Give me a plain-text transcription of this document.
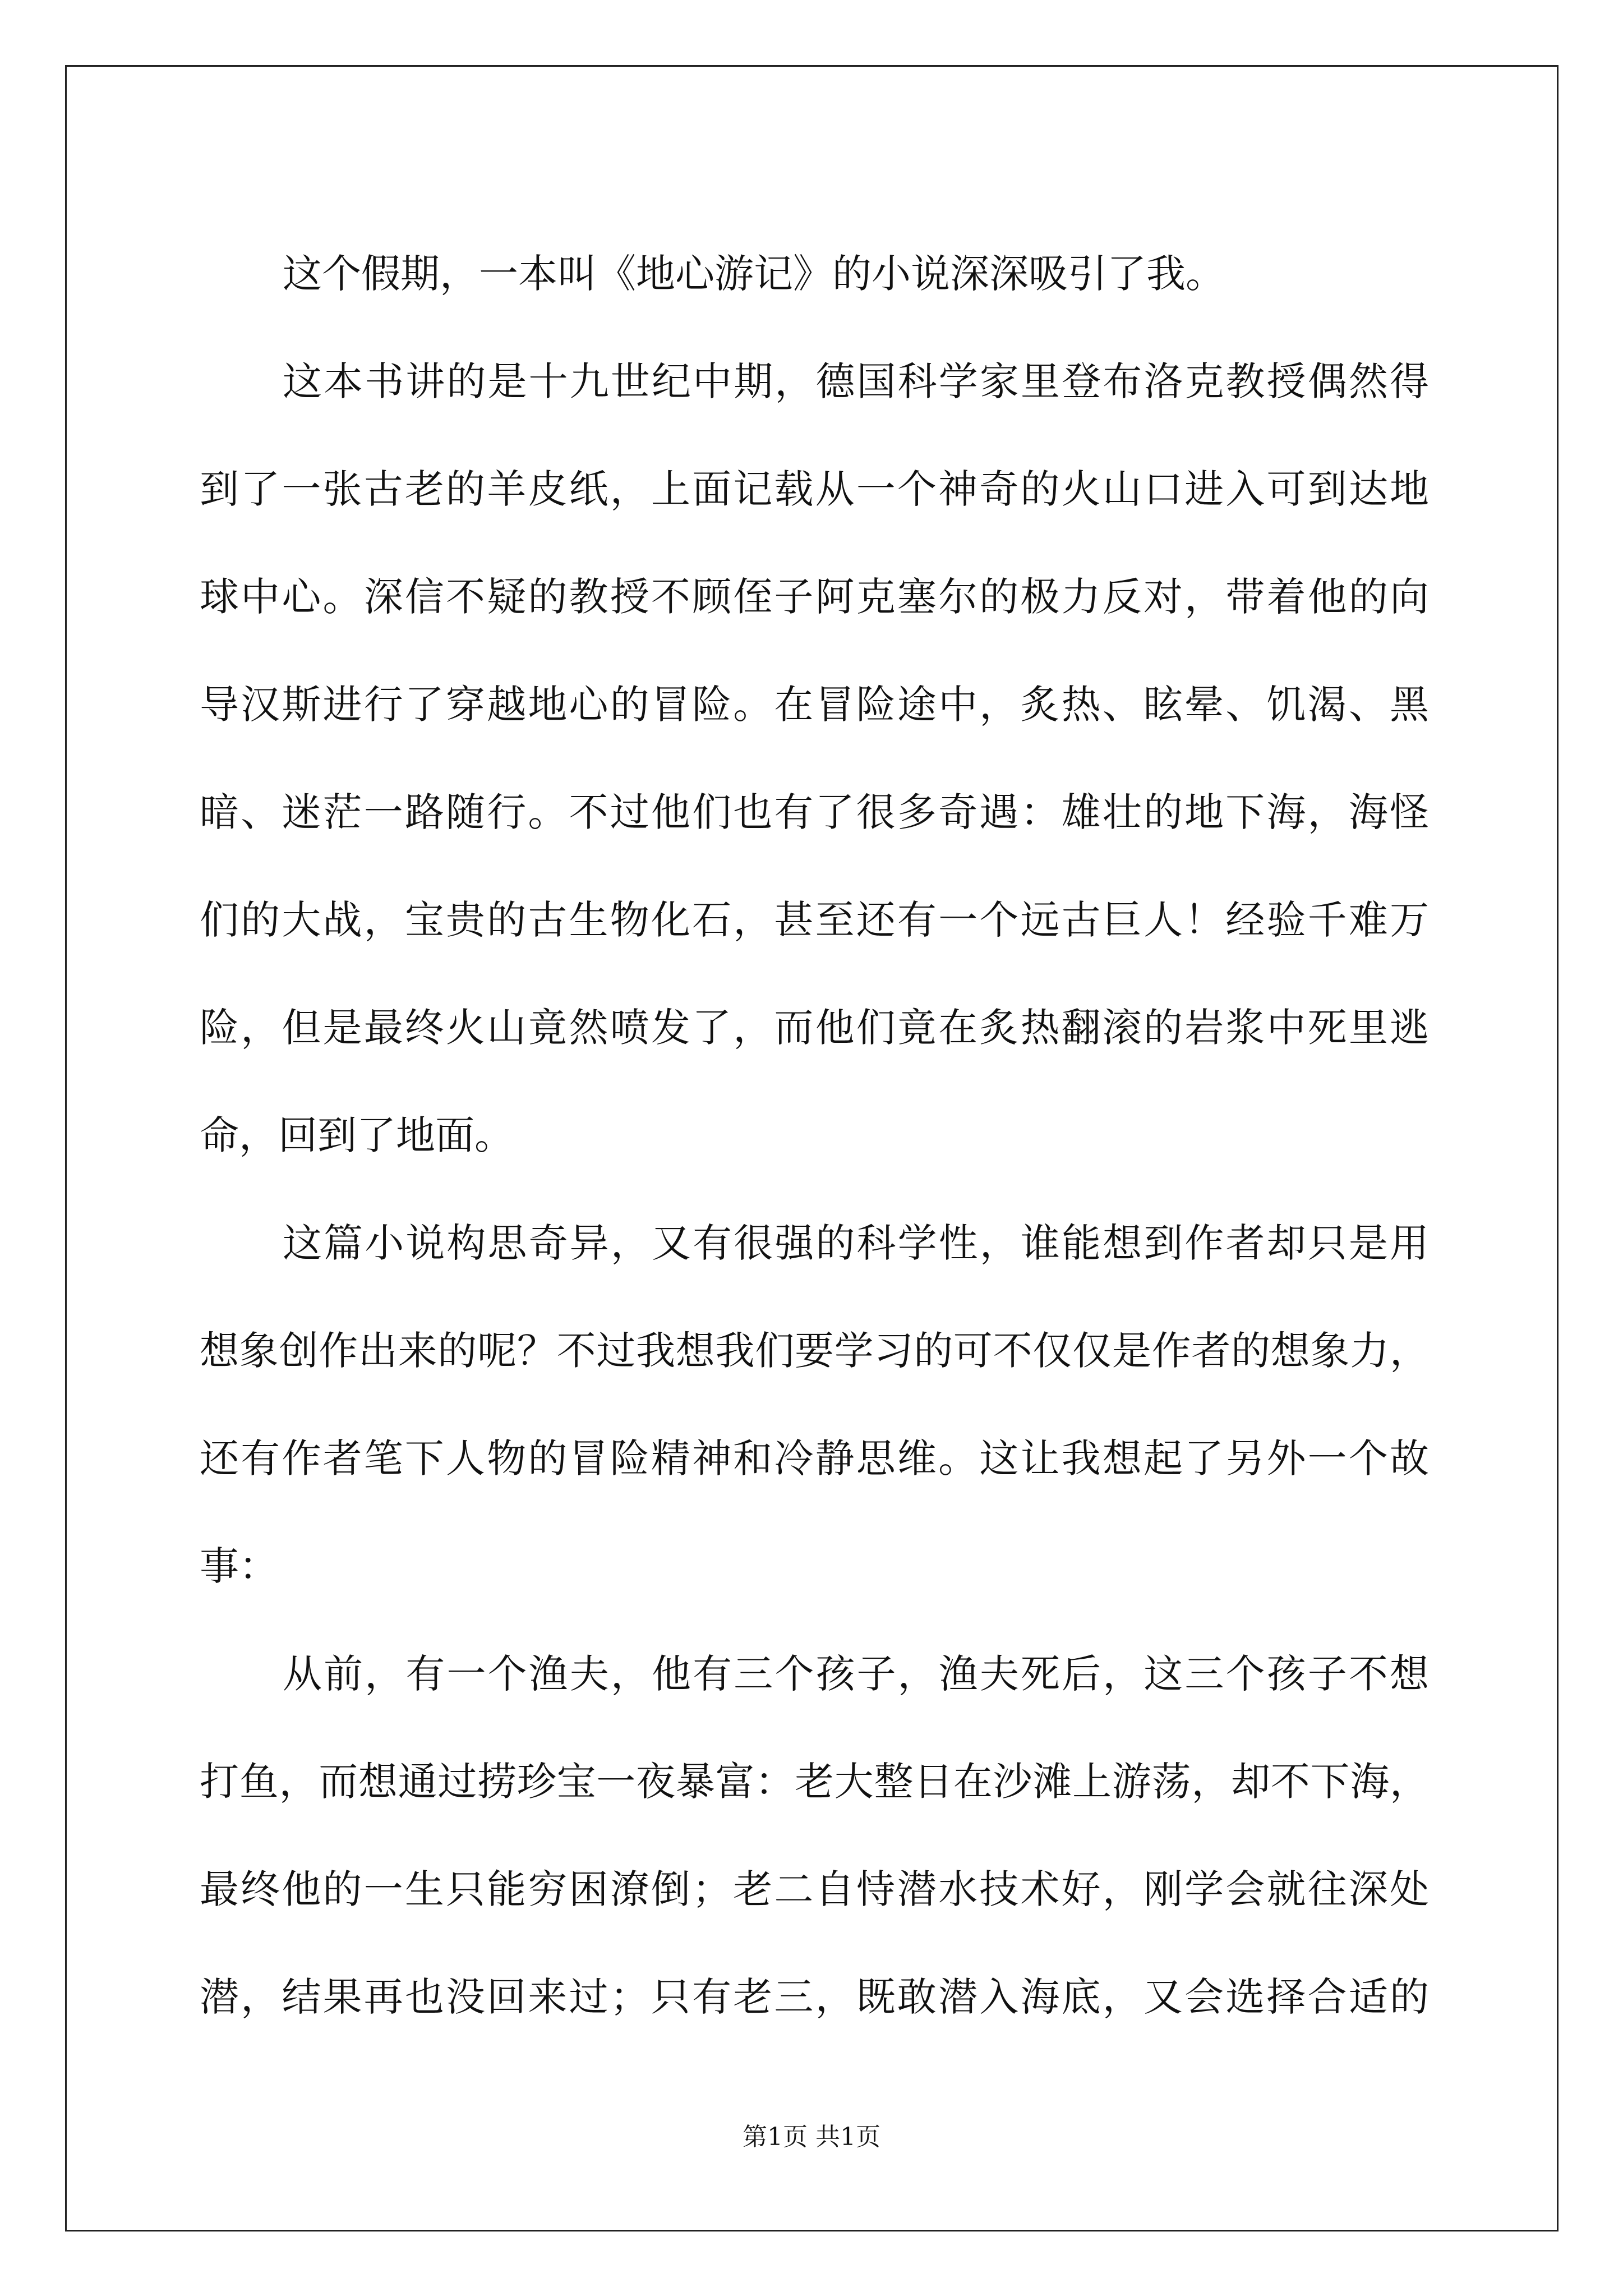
这个假期，一本叫《地心游记》的小说深深吸引了我。
这本书讲的是十九世纪中期，德国科学家里登布洛克教授偶然得
到了一张古老的羊皮纸，上面记载从一个神奇的火山口进入可到达地
球中心。深信不疑的教授不顾侄子阿克塞尔的极力反对，带着他的向
导汉斯进行了穿越地心的冒险。在冒险途中，炙热、眩晕、饥渴、黑
暗、迷茫一路随行。不过他们也有了很多奇遇：雄壮的地下海，海怪
们的大战，宝贵的古生物化石，甚至还有一个远古巨人！经验千难万
险，但是最终火山竟然喷发了，而他们竟在炙热翻滚的岩浆中死里逃
命，回到了地面。
这篇小说构思奇异，又有很强的科学性，谁能想到作者却只是用
想象创作出来的呢？不过我想我们要学习的可不仅仅是作者的想象力，
还有作者笔下人物的冒险精神和冷静思维。这让我想起了另外一个故
事：
从前，有一个渔夫，他有三个孩子，渔夫死后，这三个孩子不想
打鱼，而想通过捞珍宝一夜暴富：老大整日在沙滩上游荡，却不下海，
最终他的一生只能穷困潦倒；老二自恃潜水技术好，刚学会就往深处
潜，结果再也没回来过；只有老三，既敢潜入海底，又会选择合适的
第1页 共1页
